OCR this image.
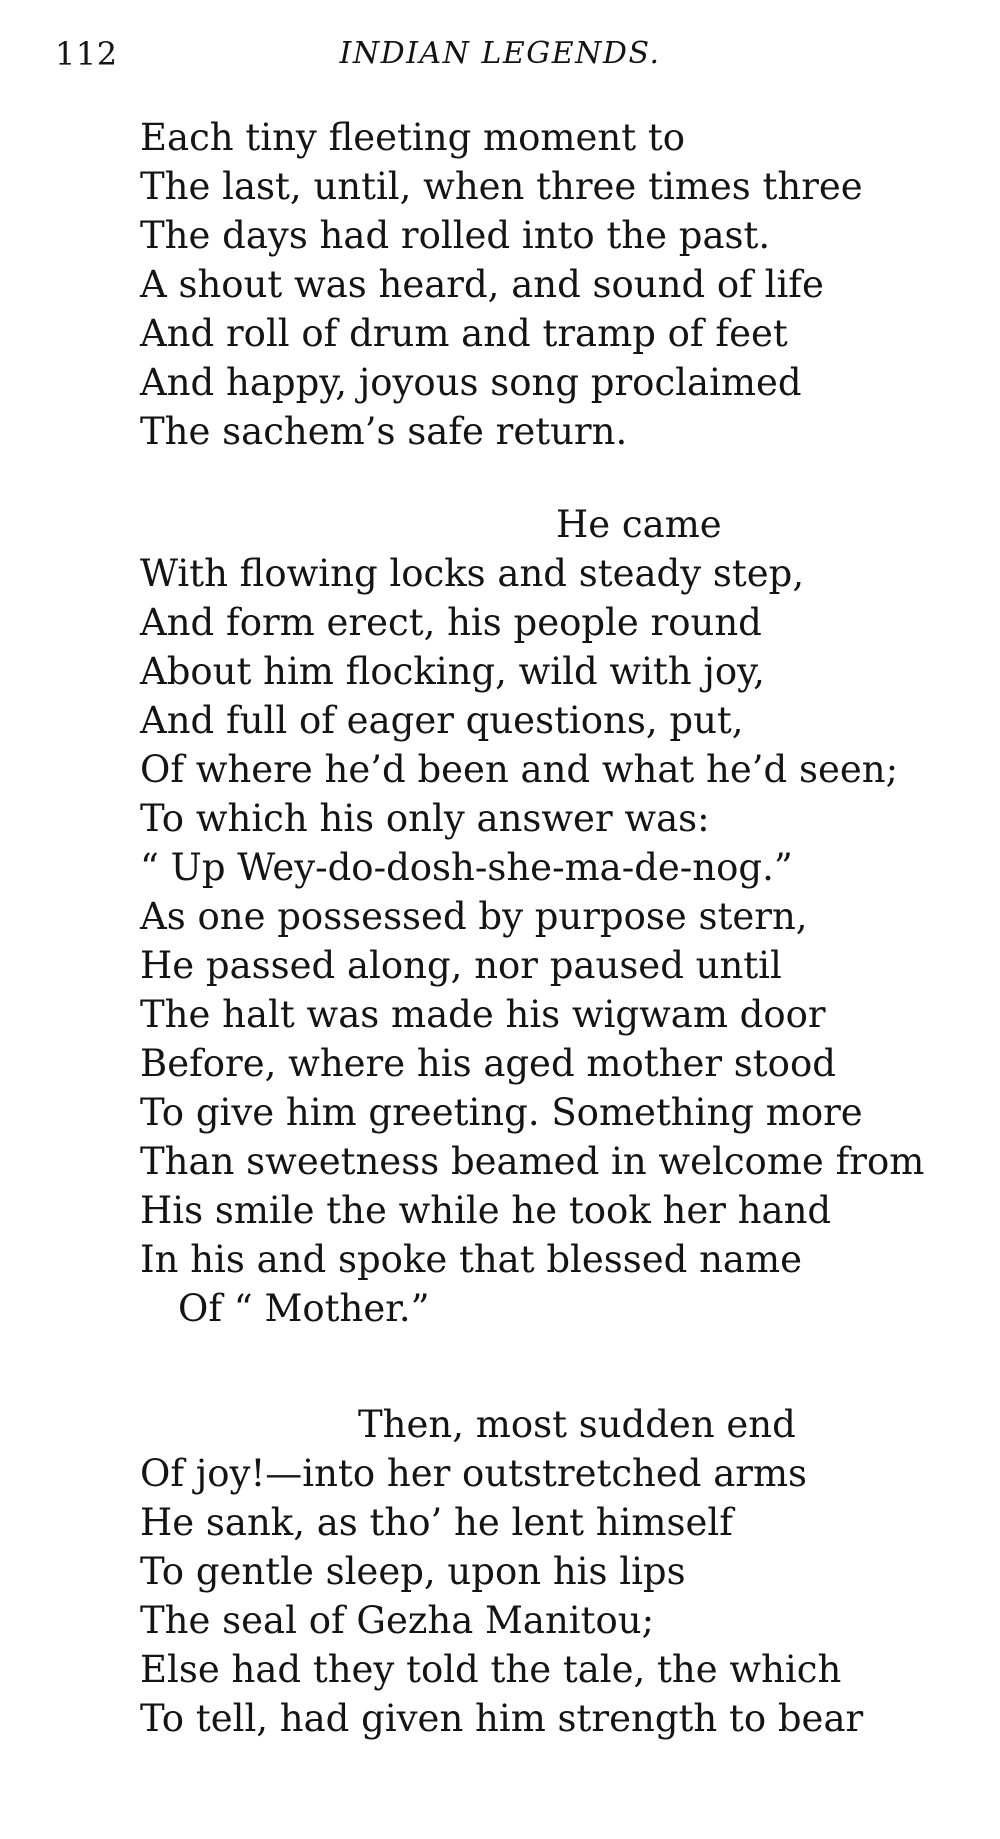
112	INDIAN LEGENDS.
Each tiny fleeting moment to
The last, until, when three times three
The days had rolled into the past.
A shout was heard, and sound of life
And roll of drum and tramp of feet
And happy, joyous song proclaimed
The sachem’s safe return.
He came
With flowing locks and steady step,
And form erect, his people round
About him flocking, wild with joy,
And full of eager questions, put,
Of where he’d been and what he’d seen;
To which his only answer was:
“ Up Wey-do-dosh-she-ma-de-nog.”
As one possessed by purpose stern,
He passed along, nor paused until
The halt was made his wigwam door
Before, where his aged mother stood
To give him greeting. Something more
Than sweetness beamed in welcome from
His smile the while he took her hand
In his and spoke that blessed name
Of “ Mother.”
Then, most sudden end
Of joy!—into her outstretched arms
He sank, as tho’ he lent himself
To gentle sleep, upon his lips
The seal of Gezha Manitou;
Else had they told the tale, the which
To tell, had given him strength to bear
